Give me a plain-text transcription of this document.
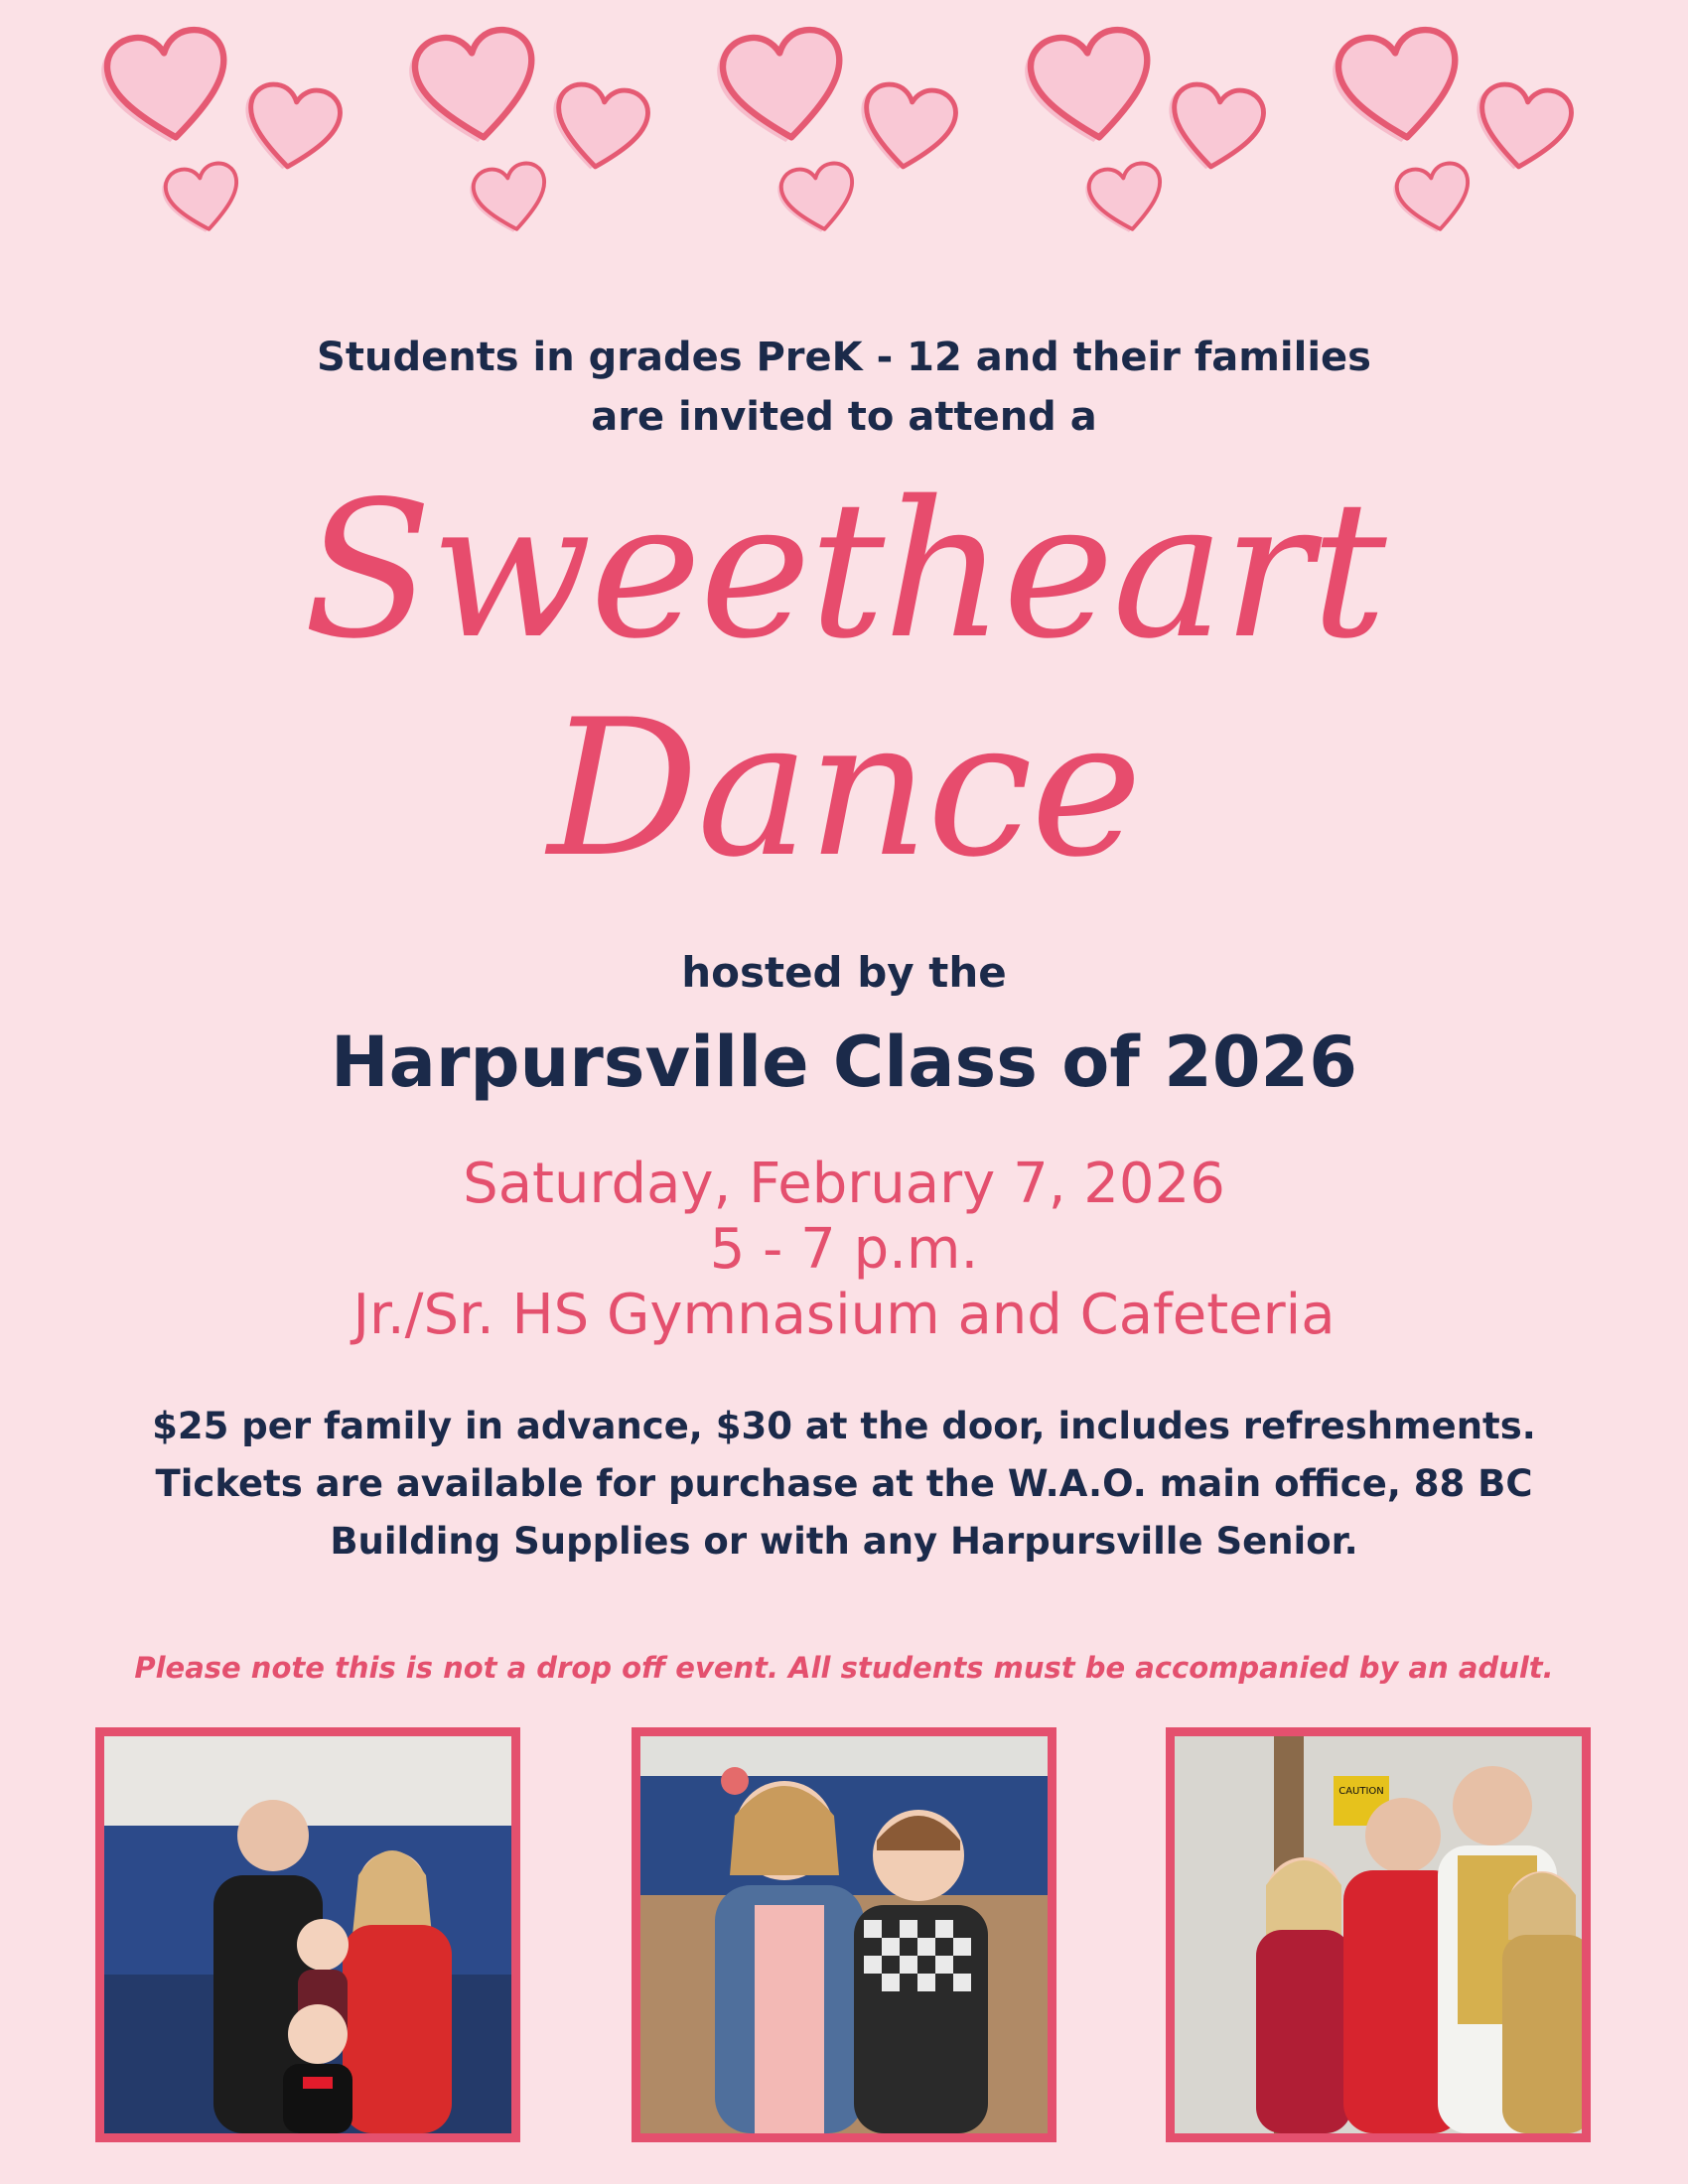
Students in grades PreK - 12 and their families
are invited to attend a
Sweetheart
Dance
hosted by the
Harpursville Class of 2026
Saturday, February 7, 2026
5 - 7 p.m.
Jr./Sr. HS Gymnasium and Cafeteria
$25 per family in advance, $30 at the door, includes refreshments.
Tickets are available for purchase at the W.A.O. main office, 88 BC
Building Supplies or with any Harpursville Senior.
Please note this is not a drop off event. All students must be accompanied by an adult.
CAUTION
